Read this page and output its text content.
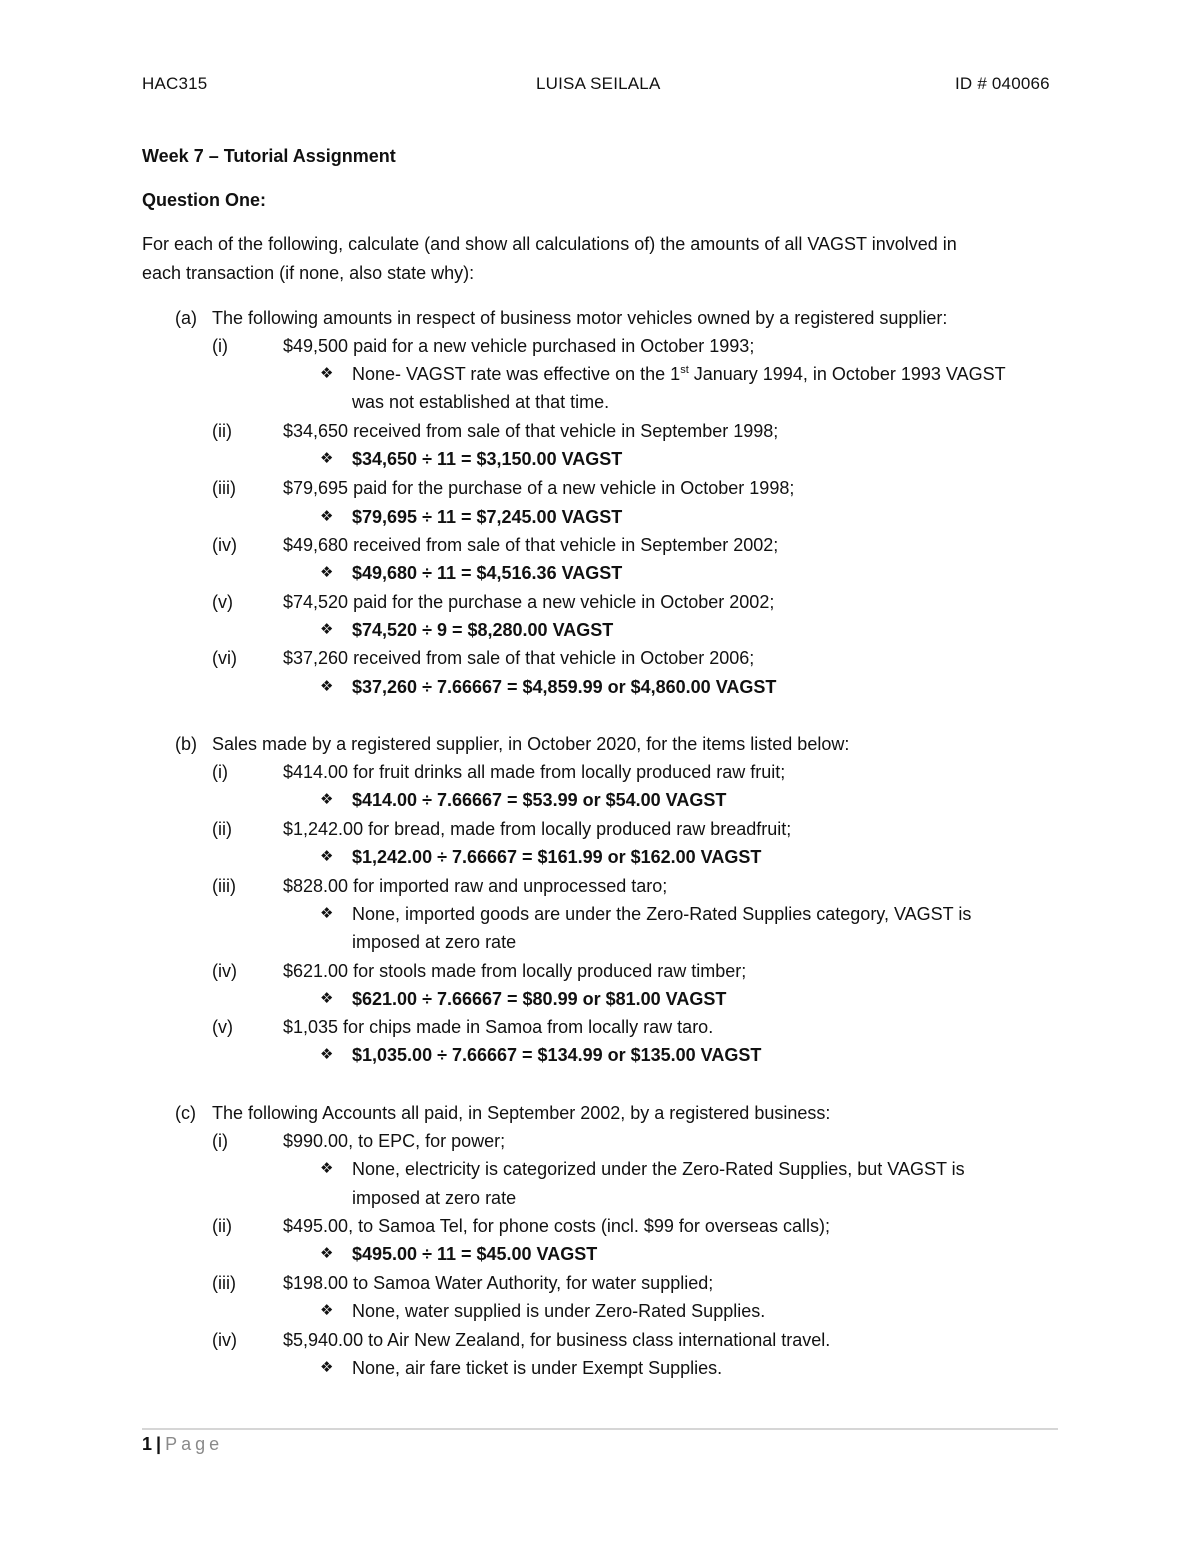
HAC315	LUISA SEILALA	ID # 040066
Week 7 – Tutorial Assignment
Question One:
For each of the following, calculate (and show all calculations of) the amounts of all VAGST involved in
each transaction (if none, also state why):
(a) The following amounts in respect of business motor vehicles owned by a registered supplier:
(i)	$49,500 paid for a new vehicle purchased in October 1993;
❖ None- VAGST rate was effective on the 1st January 1994, in October 1993 VAGST
was not established at that time.
(ii)	$34,650 received from sale of that vehicle in September 1998;
❖ $34,650 ÷ 11 = $3,150.00 VAGST
(iii)	$79,695 paid for the purchase of a new vehicle in October 1998;
❖ $79,695 ÷ 11 = $7,245.00 VAGST
(iv)	$49,680 received from sale of that vehicle in September 2002;
❖ $49,680 ÷ 11 = $4,516.36 VAGST
(v)	$74,520 paid for the purchase a new vehicle in October 2002;
❖ $74,520 ÷ 9 = $8,280.00 VAGST
(vi)	$37,260 received from sale of that vehicle in October 2006;
❖ $37,260 ÷ 7.66667 = $4,859.99 or $4,860.00 VAGST
(b) Sales made by a registered supplier, in October 2020, for the items listed below:
(i)	$414.00 for fruit drinks all made from locally produced raw fruit;
❖ $414.00 ÷ 7.66667 = $53.99 or $54.00 VAGST
(ii)	$1,242.00 for bread, made from locally produced raw breadfruit;
❖ $1,242.00 ÷ 7.66667 = $161.99 or $162.00 VAGST
(iii)	$828.00 for imported raw and unprocessed taro;
❖ None, imported goods are under the Zero-Rated Supplies category, VAGST is
imposed at zero rate
(iv)	$621.00 for stools made from locally produced raw timber;
❖ $621.00 ÷ 7.66667 = $80.99 or $81.00 VAGST
(v)	$1,035 for chips made in Samoa from locally raw taro.
❖ $1,035.00 ÷ 7.66667 = $134.99 or $135.00 VAGST
(c) The following Accounts all paid, in September 2002, by a registered business:
(i)	$990.00, to EPC, for power;
❖ None, electricity is categorized under the Zero-Rated Supplies, but VAGST is
imposed at zero rate
(ii)	$495.00, to Samoa Tel, for phone costs (incl. $99 for overseas calls);
❖ $495.00 ÷ 11 = $45.00 VAGST
(iii)	$198.00 to Samoa Water Authority, for water supplied;
❖ None, water supplied is under Zero-Rated Supplies.
(iv)	$5,940.00 to Air New Zealand, for business class international travel.
❖ None, air fare ticket is under Exempt Supplies.
1 | Page
